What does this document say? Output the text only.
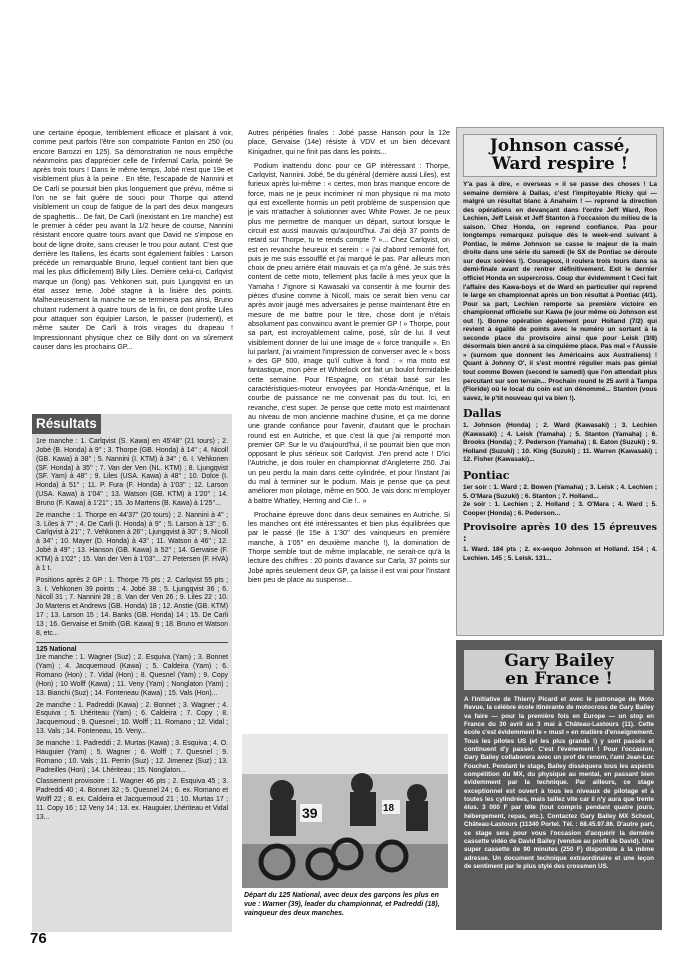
une certaine époque, terriblement efficace et plaisant à voir, comme peut parfois l'être son compatriote Fanton en 250 (ou encore Barozzi en 125). Sa démonstration ne nous empêche néanmoins pas d'apprécier celle de l'infernal Carla, pointé 9e après trois tours ! Dans le même temps, Jobé n'est que 19e et visiblement plus à la peine . En tête, l'escapade de Nannini et De Carli se poursuit bien plus longuement que prévu, même si l'on ne se fait guère de souci pour Thorpe qui attend visiblement un coup de fatigue de la part des deux mangeurs de spaghettis... De fait, De Carli (inexistant en 1re manche) est le premier à céder peu avant la 1/2 heure de course, Nannini résistant encore quatre tours avant que David ne s'impose en bout de ligne droite, sans creuser le trou pour autant. C'est que derrière les Italiens, les écarts sont également faibles : Larson précède un remarquable Bruno, lequel contient tant bien que mal les plus difficilement) Billy Liles. Derrière celui-ci, Carlqvist marque un (long) pas. Vehkonen suit, puis Ljungqvist en un état assez terne. Jobé stagne à la lisière des points. Malheureusement la manche ne se terminera pas ainsi, Bruno chutant rudement à quatre tours de la fin, ce dont profite Liles pour attaquer son équipier Larson, le passer (rudement), et même sauter De Carli à trois virages du drapeau ! Impressionnant physique chez ce Billy dont on va sûrement causer dans les prochains GP...

Résultats
1re manche : 1. Carlqvist (S. Kawa) en 45'48'' (21 tours) ; 2. Jobé (B. Honda) à 9'' ; 3. Thorpe (GB. Honda) à 14'' ; 4. Nicoll (GB. Kawa) à 38'' ; 5. Nannini (I. KTM) à 34'' ; 6. I. Vehkonen (SF. Honda) à 35'' ; 7. Van der Ven (NL. KTM) ; 8. Ljungqvist (SF. Yam) à 48'' ; 9. Liles (USA. Kawa) à 48'' ; 10. Dolce (I. Honda) à 51'' ; 11. P. Fura (F. Honda) à 1'03'' ; 12. Larson (USA. Kawa) à 1'04'' ; 13. Watson (GB. KTM) à 1'20'' ; 14. Bruno (F. Kawa) à 1'21'' ; 15. Jo Martens (B. Kawa) à 1'25''...
2e manche : 1. Thorpe en 44'37'' (20 tours) ; 2. Nannini à 4'' ; 3. Liles à 7'' ; 4. De Carli (I. Honda) à 9'' ; 5. Larson à 13'' ; 6. Carlqvist à 21'' ; 7. Vehkonen à 26'' ; Ljungqvist à 30'' ; 9. Nicoll à 34'' ; 10. Mayer (D. Honda) à 43'' ; 11. Watson à 46'' ; 12. Jobé à 49'' ; 13. Hanson (GB. Kawa) à 52'' ; 14. Gervaise (F. KTM) à 1'02'' ; 15. Van der Ven à 1'03''... 27 Petersen (F. HVA) à 1 t.
Positions après 2 GP : 1. Thorpe 75 pts ; 2. Carlqvist 55 pts ; 3. I. Vehkonen 39 points ; 4. Jobé 38 ; 5. Ljungqvist 36 ; 6. Nicoll 31 ; 7. Nannini 28 ; 8. Van der Ven 26 ; 9. Liles 22 ; 10. Jo Martens et Andrews (GB. Honda) 18 ; 12. Anstie (GB. KTM) 17 ; 13. Larson 15 ; 14. Banks (GB. Honda) 14 ; 15. De Carli 13 ; 16. Gervaise et Smith (GB. Kawa) 9 ; 18. Bruno et Watson 8, etc...
125 National
1re manche : 1. Wagner (Suz) ; 2. Esquiva (Yam) ; 3. Bonnet (Yam) ; 4. Jacquemoud (Kawa) ; 5. Caldeira (Yam) ; 6. Romano (Hon) ; 7. Vidal (Hon) ; 8. Quesnel (Yam) ; 9. Copy (Hon) ; 10 Wolff (Kawa) ; 11. Veny (Yam) ; Nonglaton (Yam) ; 13. Bianchi (Suz) ; 14. Fonteneau (Kawa) ; 15. Vals (Hon)...
2e manche : 1. Padreddi (Kawa) ; 2. Bonnet ; 3. Wagner ; 4. Esquiva ; 5. Lhériteau (Yam) ; 6. Caldeira ; 7. Copy ; 8. Jacquemoud ; 9. Quesnel ; 10. Wolff ; 11. Romano ; 12. Vidal ; 13. Vals ; 14. Fonteneau, 15. Veny...
3e manche : 1. Padreddi ; 2. Murtas (Kawa) ; 3. Esquiva ; 4. O. Hauguier (Yam) ; 5. Wagner ; 6. Wolff ; 7. Quesnel ; 9. Romano ; 10. Vals ; 11. Perrin (Suz) ; 12. Jimenez (Suz) ; 13. Padreilles (Hon) ; 14. Lhériteau ; 15. Nonglaton...
Classement provisoire : 1. Wagner 46 pts ; 2. Esquiva 45 ; 3. Padreddi 40 ; 4. Bonnet 32 ; 5. Quesnel 24 ; 6. ex. Romano et Wolff 22 ; 8. ex. Caldeira et Jacquemoud 21 ; 10. Murtas 17 ; 11. Copy 16 ; 12 Veny 14 ; 13. ex. Hauguier, Lhériteau et Vidal 13...

Autres péripéties finales : Jobé passe Hanson pour la 12e place, Gervaise (14e) résiste à VDV et un bien décevant Kinigadner, qui ne finit pas dans les points...

Podium inattendu donc pour ce GP intéressant : Thorpe, Carlqvist, Nannini. Jobé, 5e du général (derrière aussi Liles), est furieux après lui-même : « certes, mon bras manque encore de force, mais ne je peux incriminer ni mon physique ni ma moto qui est excellente hormis un petit problème de suspension que je vais m'attacher à solutionner avec White Power. Je ne peux plus me permettre de manquer un départ, surtout lorsque le circuit est aussi mauvais qu'aujourd'hui. J'ai déjà 37 points de retard sur Thorpe, tu te rends compte ? »... Chez Carlqvist, on est en revanche heureux et serein : « j'ai d'abord remonté fort, puis je me suis essoufflé et j'ai marqué le pas. Par ailleurs mon choix de pneu arrière était mauvais et ça m'a gêné. Je suis très content de cette moto, tellement plus facile à mes yeux que la Yamaha ! J'ignore si Kawasaki va consentir à me fournir des pièces d'usine comme à Nicoll, mais ce serait bien venu car après avoir jaugé mes adversaires je pense maintenant être en mesure de me battre pour le titre, chose dont je n'étais absolument pas convaincu avant le premier GP ! » Thorpe, pour sa part, est incroyablement calme, posé, sûr de lui. Il veut visiblement donner de lui une image de « force tranquille ». En lui parlant, j'ai vraiment l'impression de converser avec le « boss » des GP 500, image qu'il cultive à fond : « ma moto est fantastique, mon père et Whitelock ont fait un boulot formidable cette semaine. Pour l'Espagne, on s'était basé sur les caractéristiques-moteur envoyées par Honda-Amérique, et la courbe de puissance ne me convenait pas du tout. Ici, en revanche, c'est super. Je pense que cette moto est maintenant au niveau de mon ancienne machine d'usine, et ça me donne une grande confiance pour l'avenir, d'autant que le prochain round est en Autriche, et que c'est là que j'ai remporté mon premier GP. Sur le vu d'aujourd'hui, il se pourrait bien que mon opposant le plus sérieux soit Carlqvist. J'en prend acte ! D'ici l'Autriche, je dois rouler en championnat d'Angleterre 250. J'ai un peu perdu la main dans cette cylindrée, et pour l'instant j'ai du mal à terminer sur le podium. Mais je pense que ça peut améliorer mon pilotage, même en 500. Je vais donc m'employer à battre Whatley, Herring and Cie !.. »

Prochaine épreuve donc dans deux semaines en Autriche. Si les manches ont été intéressantes et bien plus équilibrées que par le passé (le 15e à 1'30'' des vainqueurs en première manche, à 1'05'' en deuxième manche !), la domination de Thorpe semble tout de même implacable, ne serait-ce qu'à la lecture des chiffres : 20 points d'avance sur Carla, 37 points sur Jobé après seulement deux GP, ça laisse il est vrai pour l'instant bien peu de place au suspense...

39	18
Départ du 125 National, avec deux des garçons les plus en vue : Warner (39), leader du championnat, et Padreddi (18), vainqueur des deux manches.
Johnson cassé,
Ward respire !

Y'a pas à dire, « overseas » il se passe des choses ! La semaine dernière à Dallas, c'est l'impitoyable Ricky qui — malgré un résultat blanc à Anaheim ! — reprend la direction des opérations en devançant dans l'ordre Jeff Ward, Ron Lechien, Jeff Leisk et Jeff Stanton à l'occasion du milieu de la saison. Chez Honda, on reprend confiance. Pas pour longtemps remarquez puisque dès le week-end suivant à Pontiac, le même Johnson se casse le majeur de la main droite dans une série du samedi (le SX de Pontiac se déroule sur deux soirées !). Courageux, il roulera trois tours dans sa demi-finale avant de rentrer définitivement. Exit le dernier officiel Honda en supercross. Coup dur évidemment ! Ceci fait l'affaire des Kawa-boys et de Ward en particulier qui reprend le large en championnat après un bon résultat à Pontiac (4/1). Pour sa part, Lechien remporte sa première victoire en championnat officielle sur Kawa (le jour même où Johnson est out !). Bonne opération également pour Holland (7/2) qui revient à égalité de points avec le numéro un sortant à la seconde place du provisoire ainsi que pour Leisk (3/8) désormais bien ancré à sa cinquième place. Pas mal « l'Aussie » (surnom que donnent les Américains aux Australiens) ! Quant à Johnny O', il s'est montré régulier mais pas génial tout comme Bowen (second le samedi) que l'on attendait plus percutant sur son terrain... Prochain round le 25 avril à Tampa (Floride) où le local du coin est un dénommé... Stanton (vous savez, le p'tit nouveau qui va bien !).

Dallas

1. Johnson (Honda) ; 2. Ward (Kawasaki) ; 3. Lechien (Kawasaki) ; 4. Leisk (Yamaha) ; 5. Stanton (Yamaha) ; 6. Brooks (Honda) ; 7. Pederson (Yamaha) ; 8. Eaton (Suzuki) ; 9. Holland (Suzuki) ; 10. King (Suzuki) ; 11. Warren (Kawasaki) ; 12. Fisher (Kawasaki)...

Pontiac

1er soir : 1. Ward ; 2. Bowen (Yamaha) ; 3. Leisk ; 4. Lechien ; 5. O'Mara (Suzuki) ; 6. Stanton ; 7. Holland...

2e soir : 1. Lechien ; 2. Holland ; 3. O'Mara ; 4. Ward ; 5. Cooper (Honda) ; 6. Pederson...

Provisoire après 10 des 15 épreuves :

1. Ward. 184 pts ; 2. ex-aequo Johnson et Holland. 154 ; 4. Lechien. 145 ; 5. Leisk. 131...

Gary Bailey
en France !
A l'initiative de Thierry Picard et avec le patronage de Moto Revue, la célèbre école itinérante de motocross de Gary Bailey va faire — pour la première fois en Europe — un stop en France du 30 avril au 3 mai à Château-Lastours (11). Cette école c'est évidemment le « must » en matière d'enseignement. Tous les pilotes US (et les plus grands !) y sont passés et continuent d'y passer. C'est l'événement ! Pour l'occasion, Gary Bailey collaborera avec un prof de renom, l'ami Jean-Luc Fouchet. Pendant le stage, Bailey dissèquera tous les aspects compétition du MX, du physique au mental, en passant bien évidemment par la technique. Par ailleurs, ce stage exceptionnel est ouvert à tous les niveaux de pilotage et à toutes les cylindrées, mais taillez vite car il n'y aura que trente élus. 3 000 F par tête (tout compris pendant quatre jours, hébergement, repas, etc.). Contactez Gary Bailey MX School, Château-Lastours (11340 Portel. Tél. : 68.45.97.86. D'autre part, ce stage sera pour vous l'occasion d'acquérir la dernière cassette vidéo de David Bailey (vendue au profit de David). Une super cassette de 90 minutes (250 F) disponible à la même adresse. Un document technique extraordinaire et une leçon de sentiment par le plus stylé des crossmen US.
76
